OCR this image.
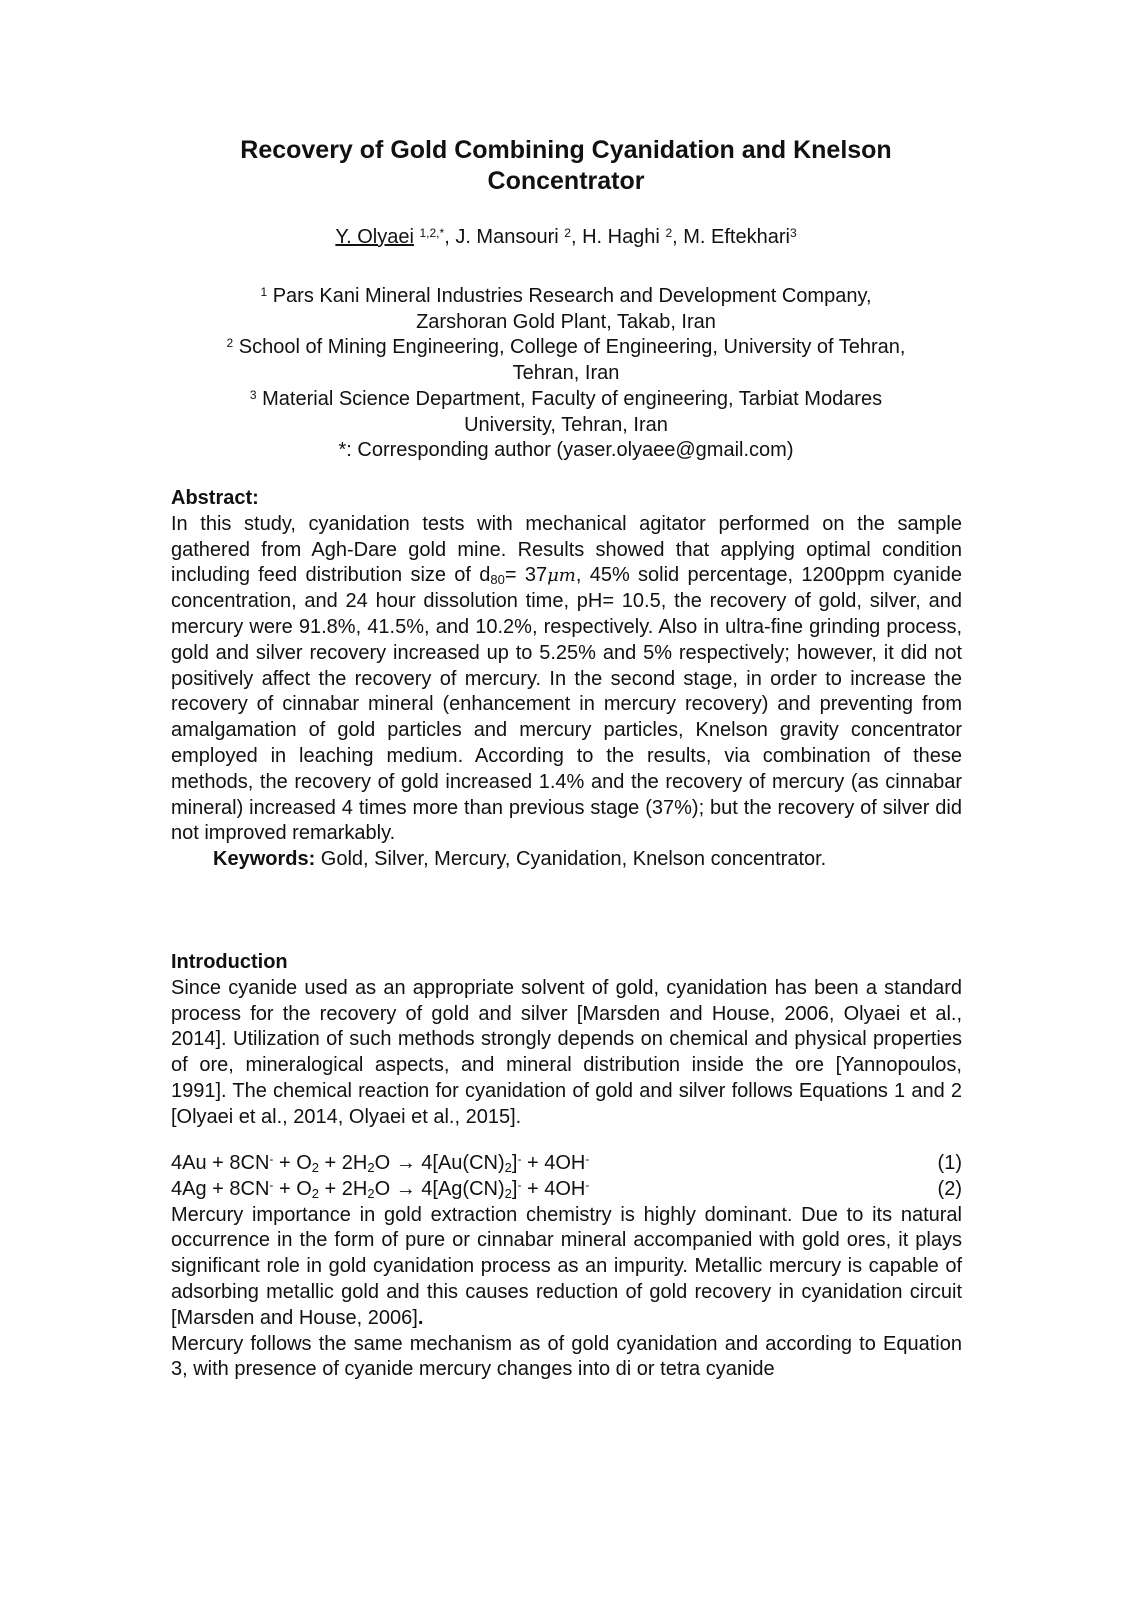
Recovery of Gold Combining Cyanidation and Knelson
Concentrator
Y. Olyaei $^{1,2,*}$, J. Mansouri $^2$, H. Haghi $^2$, M. Eftekhari$^3$

$^1$ Pars Kani Mineral Industries Research and Development Company,

Zarshoran Gold Plant, Takab, Iran

$^2$ School of Mining Engineering, College of Engineering, University of Tehran,

Tehran, Iran

$^3$ Material Science Department, Faculty of engineering, Tarbiat Modares

University, Tehran, Iran

*: Corresponding author (yaser.olyaee@gmail.com)

Abstract:

In this study, cyanidation tests with mechanical agitator performed on the sample gathered from Agh-Dare gold mine. Results showed that applying optimal condition including feed distribution size of $d_{80}= 37\mu m$, 45% solid percentage, 1200ppm cyanide concentration, and 24 hour dissolution time, pH= 10.5, the recovery of gold, silver, and mercury were 91.8%, 41.5%, and 10.2%, respectively. Also in ultra-fine grinding process, gold and silver recovery increased up to 5.25% and 5% respectively; however, it did not positively affect the recovery of mercury. In the second stage, in order to increase the recovery of cinnabar mineral (enhancement in mercury recovery) and preventing from amalgamation of gold particles and mercury particles, Knelson gravity concentrator employed in leaching medium. According to the results, via combination of these methods, the recovery of gold increased 1.4% and the recovery of mercury (as cinnabar mineral) increased 4 times more than previous stage (37%); but the recovery of silver did not improved remarkably.

Keywords: Gold, Silver, Mercury, Cyanidation, Knelson concentrator.

Introduction

Since cyanide used as an appropriate solvent of gold, cyanidation has been a standard process for the recovery of gold and silver [Marsden and House, 2006, Olyaei et al., 2014]. Utilization of such methods strongly depends on chemical and physical properties of ore, mineralogical aspects, and mineral distribution inside the ore [Yannopoulos, 1991]. The chemical reaction for cyanidation of gold and silver follows Equations 1 and 2 [Olyaei et al., 2014, Olyaei et al., 2015].

$4Au + 8CN^- + O_2 + 2H_2O \to 4[Au(CN)_2]^- + 4OH^-$	(1)
$4Ag + 8CN^- + O_2 + 2H_2O \to 4[Ag(CN)_2]^- + 4OH^-$	(2)

Mercury importance in gold extraction chemistry is highly dominant. Due to its natural occurrence in the form of pure or cinnabar mineral accompanied with gold ores, it plays significant role in gold cyanidation process as an impurity. Metallic mercury is capable of adsorbing metallic gold and this causes reduction of gold recovery in cyanidation circuit [Marsden and House, 2006].

Mercury follows the same mechanism as of gold cyanidation and according to Equation 3, with presence of cyanide mercury changes into di or tetra cyanide
